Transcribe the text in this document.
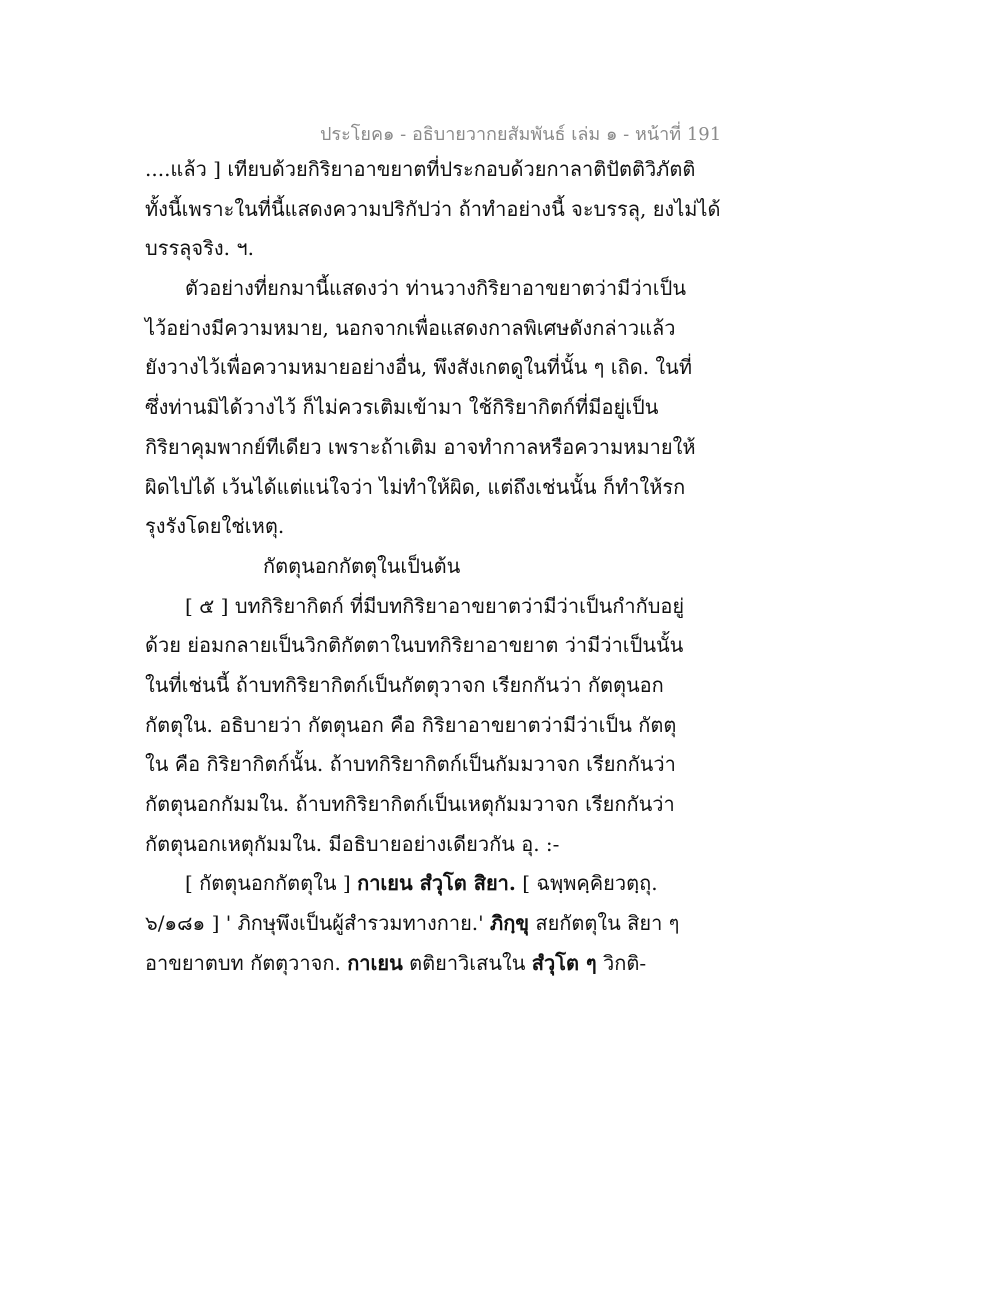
ประโยค๑ - อธิบายวากยสัมพันธ์ เล่ม ๑ - หน้าที่ 191
....แล้ว ] เทียบด้วยกิริยาอาขยาตที่ประกอบด้วยกาลาติปัตติวิภัตติ
ทั้งนี้เพราะในที่นี้แสดงความปริกัปว่า ถ้าทำอย่างนี้ จะบรรลุ, ยงไม่ได้
บรรลุจริง. ฯ.
ตัวอย่างที่ยกมานี้แสดงว่า ท่านวางกิริยาอาขยาตว่ามีว่าเป็น
ไว้อย่างมีความหมาย, นอกจากเพื่อแสดงกาลพิเศษดังกล่าวแล้ว
ยังวางไว้เพื่อความหมายอย่างอื่น, พึงสังเกตดูในที่นั้น ๆ เถิด. ในที่
ซึ่งท่านมิได้วางไว้ ก็ไม่ควรเติมเข้ามา ใช้กิริยากิตก์ที่มีอยู่เป็น
กิริยาคุมพากย์ทีเดียว เพราะถ้าเติม อาจทำกาลหรือความหมายให้
ผิดไปได้ เว้นได้แต่แน่ใจว่า ไม่ทำให้ผิด, แต่ถึงเช่นนั้น ก็ทำให้รก
รุงรังโดยใช่เหตุ.
กัตตุนอกกัตตุในเป็นต้น
[ ๕ ] บทกิริยากิตก์ ที่มีบทกิริยาอาขยาตว่ามีว่าเป็นกำกับอยู่
ด้วย ย่อมกลายเป็นวิกติกัตตาในบทกิริยาอาขยาต ว่ามีว่าเป็นนั้น
ในที่เช่นนี้ ถ้าบทกิริยากิตก์เป็นกัตตุวาจก เรียกกันว่า กัตตุนอก
กัตตุใน. อธิบายว่า กัตตุนอก คือ กิริยาอาขยาตว่ามีว่าเป็น กัตตุ
ใน คือ กิริยากิตก์นั้น. ถ้าบทกิริยากิตก์เป็นกัมมวาจก เรียกกันว่า
กัตตุนอกกัมมใน. ถ้าบทกิริยากิตก์เป็นเหตุกัมมวาจก เรียกกันว่า
กัตตุนอกเหตุกัมมใน. มีอธิบายอย่างเดียวกัน อุ. :-
[ กัตตุนอกกัตตุใน ] กาเยน สํวุโต สิยา. [ ฉพฺพคฺคิยวตฺถุ.
๖/๑๘๑ ] ' ภิกษุพึงเป็นผู้สำรวมทางกาย.' ภิกฺขุ สยกัตตุใน สิยา ๆ
อาขยาตบท กัตตุวาจก. กาเยน ตติยาวิเสนใน สํวุโต ๆ วิกติ-
